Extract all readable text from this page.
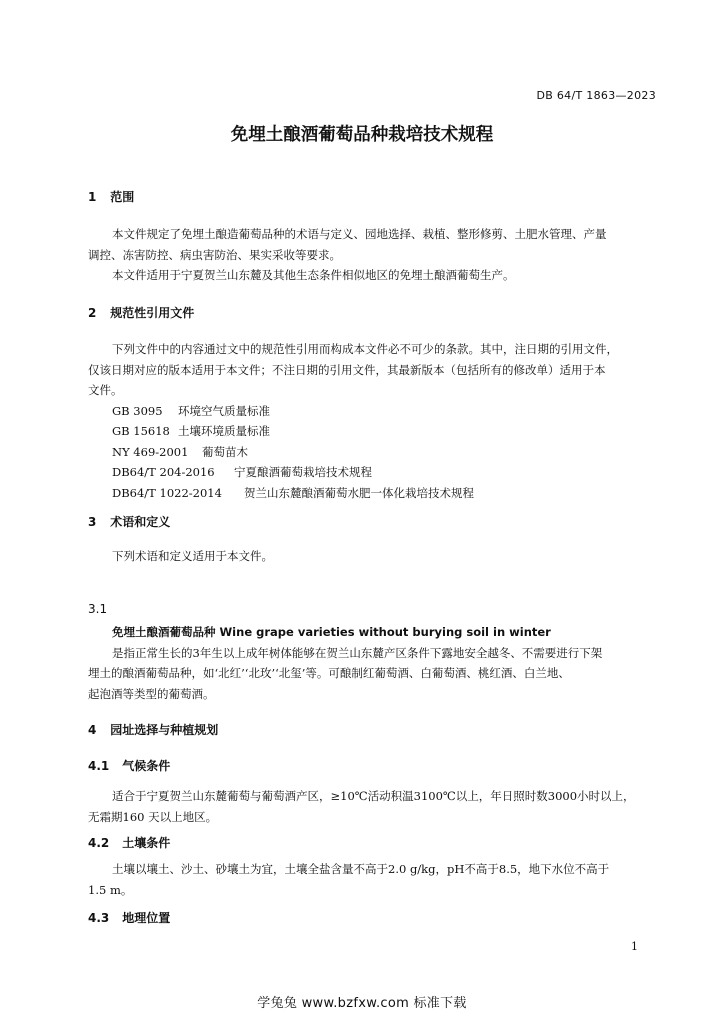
DB 64/T 1863—2023
免埋土酿酒葡萄品种栽培技术规程
1 范围
本文件规定了免埋土酿造葡萄品种的术语与定义、园地选择、栽植、整形修剪、土肥水管理、产量
调控、冻害防控、病虫害防治、果实采收等要求。
本文件适用于宁夏贺兰山东麓及其他生态条件相似地区的免埋土酿酒葡萄生产。
2 规范性引用文件
下列文件中的内容通过文中的规范性引用而构成本文件必不可少的条款。其中，注日期的引用文件，
仅该日期对应的版本适用于本文件；不注日期的引用文件，其最新版本（包括所有的修改单）适用于本
文件。
GB 3095 环境空气质量标准
GB 15618 土壤环境质量标准
NY 469-2001 葡萄苗木
DB64/T 204-2016 宁夏酿酒葡萄栽培技术规程
DB64/T 1022-2014 贺兰山东麓酿酒葡萄水肥一体化栽培技术规程
3 术语和定义
下列术语和定义适用于本文件。
3.1
免埋土酿酒葡萄品种 Wine grape varieties without burying soil in winter
是指正常生长的3年生以上成年树体能够在贺兰山东麓产区条件下露地安全越冬、不需要进行下架
埋土的酿酒葡萄品种，如‘北红’‘北玫’‘北玺’等。可酿制红葡萄酒、白葡萄酒、桃红酒、白兰地、
起泡酒等类型的葡萄酒。
4 园址选择与种植规划
4.1 气候条件
适合于宁夏贺兰山东麓葡萄与葡萄酒产区，≥10℃活动积温3100℃以上，年日照时数3000小时以上，
无霜期160 天以上地区。
4.2 土壤条件
土壤以壤土、沙土、砂壤土为宜，土壤全盐含量不高于2.0 g/kg，pH不高于8.5，地下水位不高于
1.5 m。
4.3 地理位置
1
学兔兔 www.bzfxw.com 标准下载
